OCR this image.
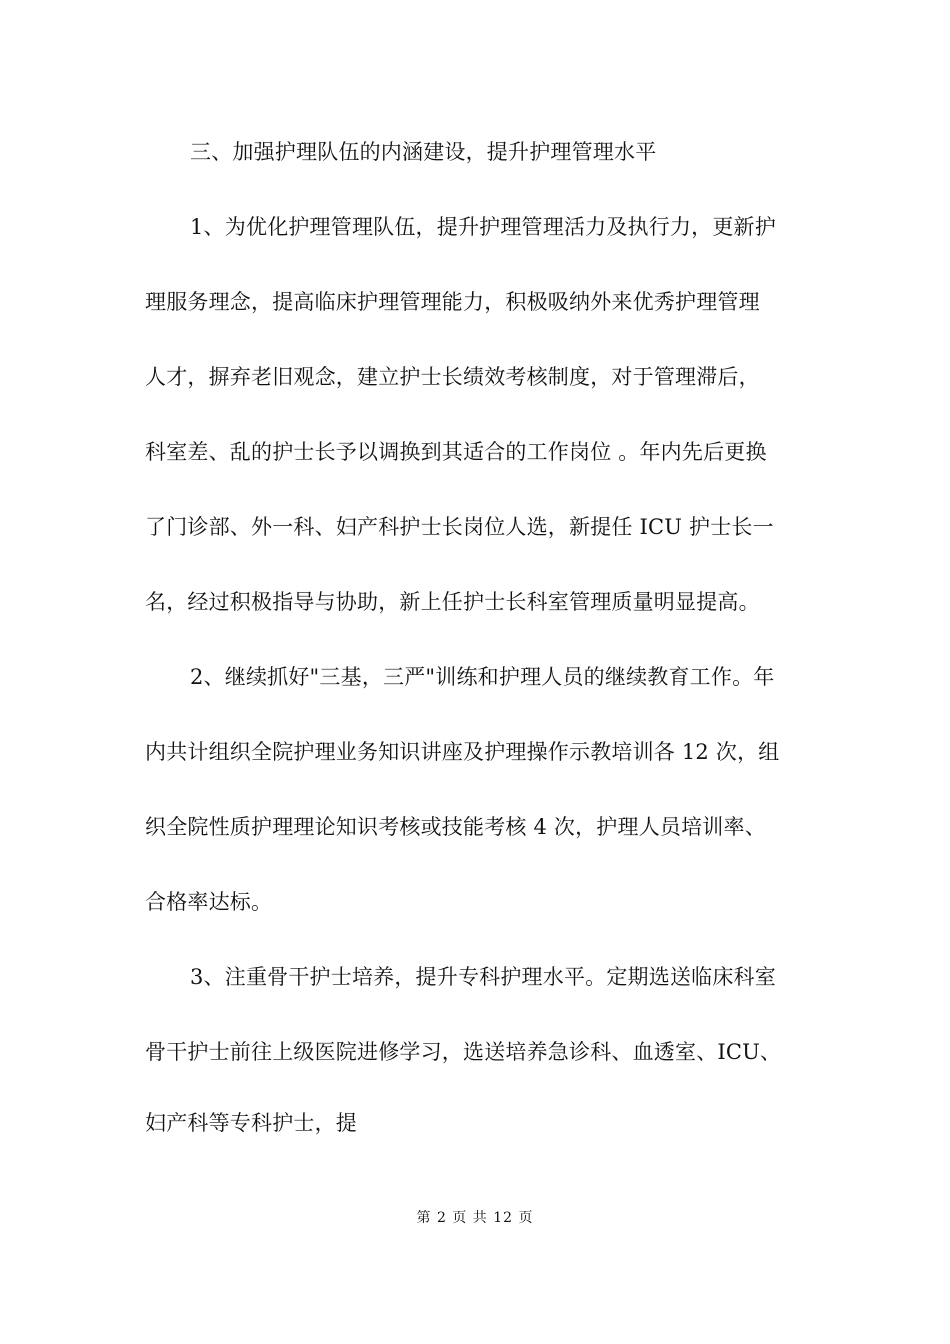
三、加强护理队伍的内涵建设，提升护理管理水平
1、为优化护理管理队伍，提升护理管理活力及执行力，更新护
理服务理念，提高临床护理管理能力，积极吸纳外来优秀护理管理
人才，摒弃老旧观念，建立护士长绩效考核制度，对于管理滞后，
科室差、乱的护士长予以调换到其适合的工作岗位 。年内先后更换
了门诊部、外一科、妇产科护士长岗位人选，新提任 ICU 护士长一
名，经过积极指导与协助，新上任护士长科室管理质量明显提高。
2、继续抓好"三基，三严"训练和护理人员的继续教育工作。年
内共计组织全院护理业务知识讲座及护理操作示教培训各 12 次，组
织全院性质护理理论知识考核或技能考核 4 次，护理人员培训率、
合格率达标。
3、注重骨干护士培养，提升专科护理水平。定期选送临床科室
骨干护士前往上级医院进修学习，选送培养急诊科、血透室、ICU、
妇产科等专科护士，提
第 2 页 共 12 页
